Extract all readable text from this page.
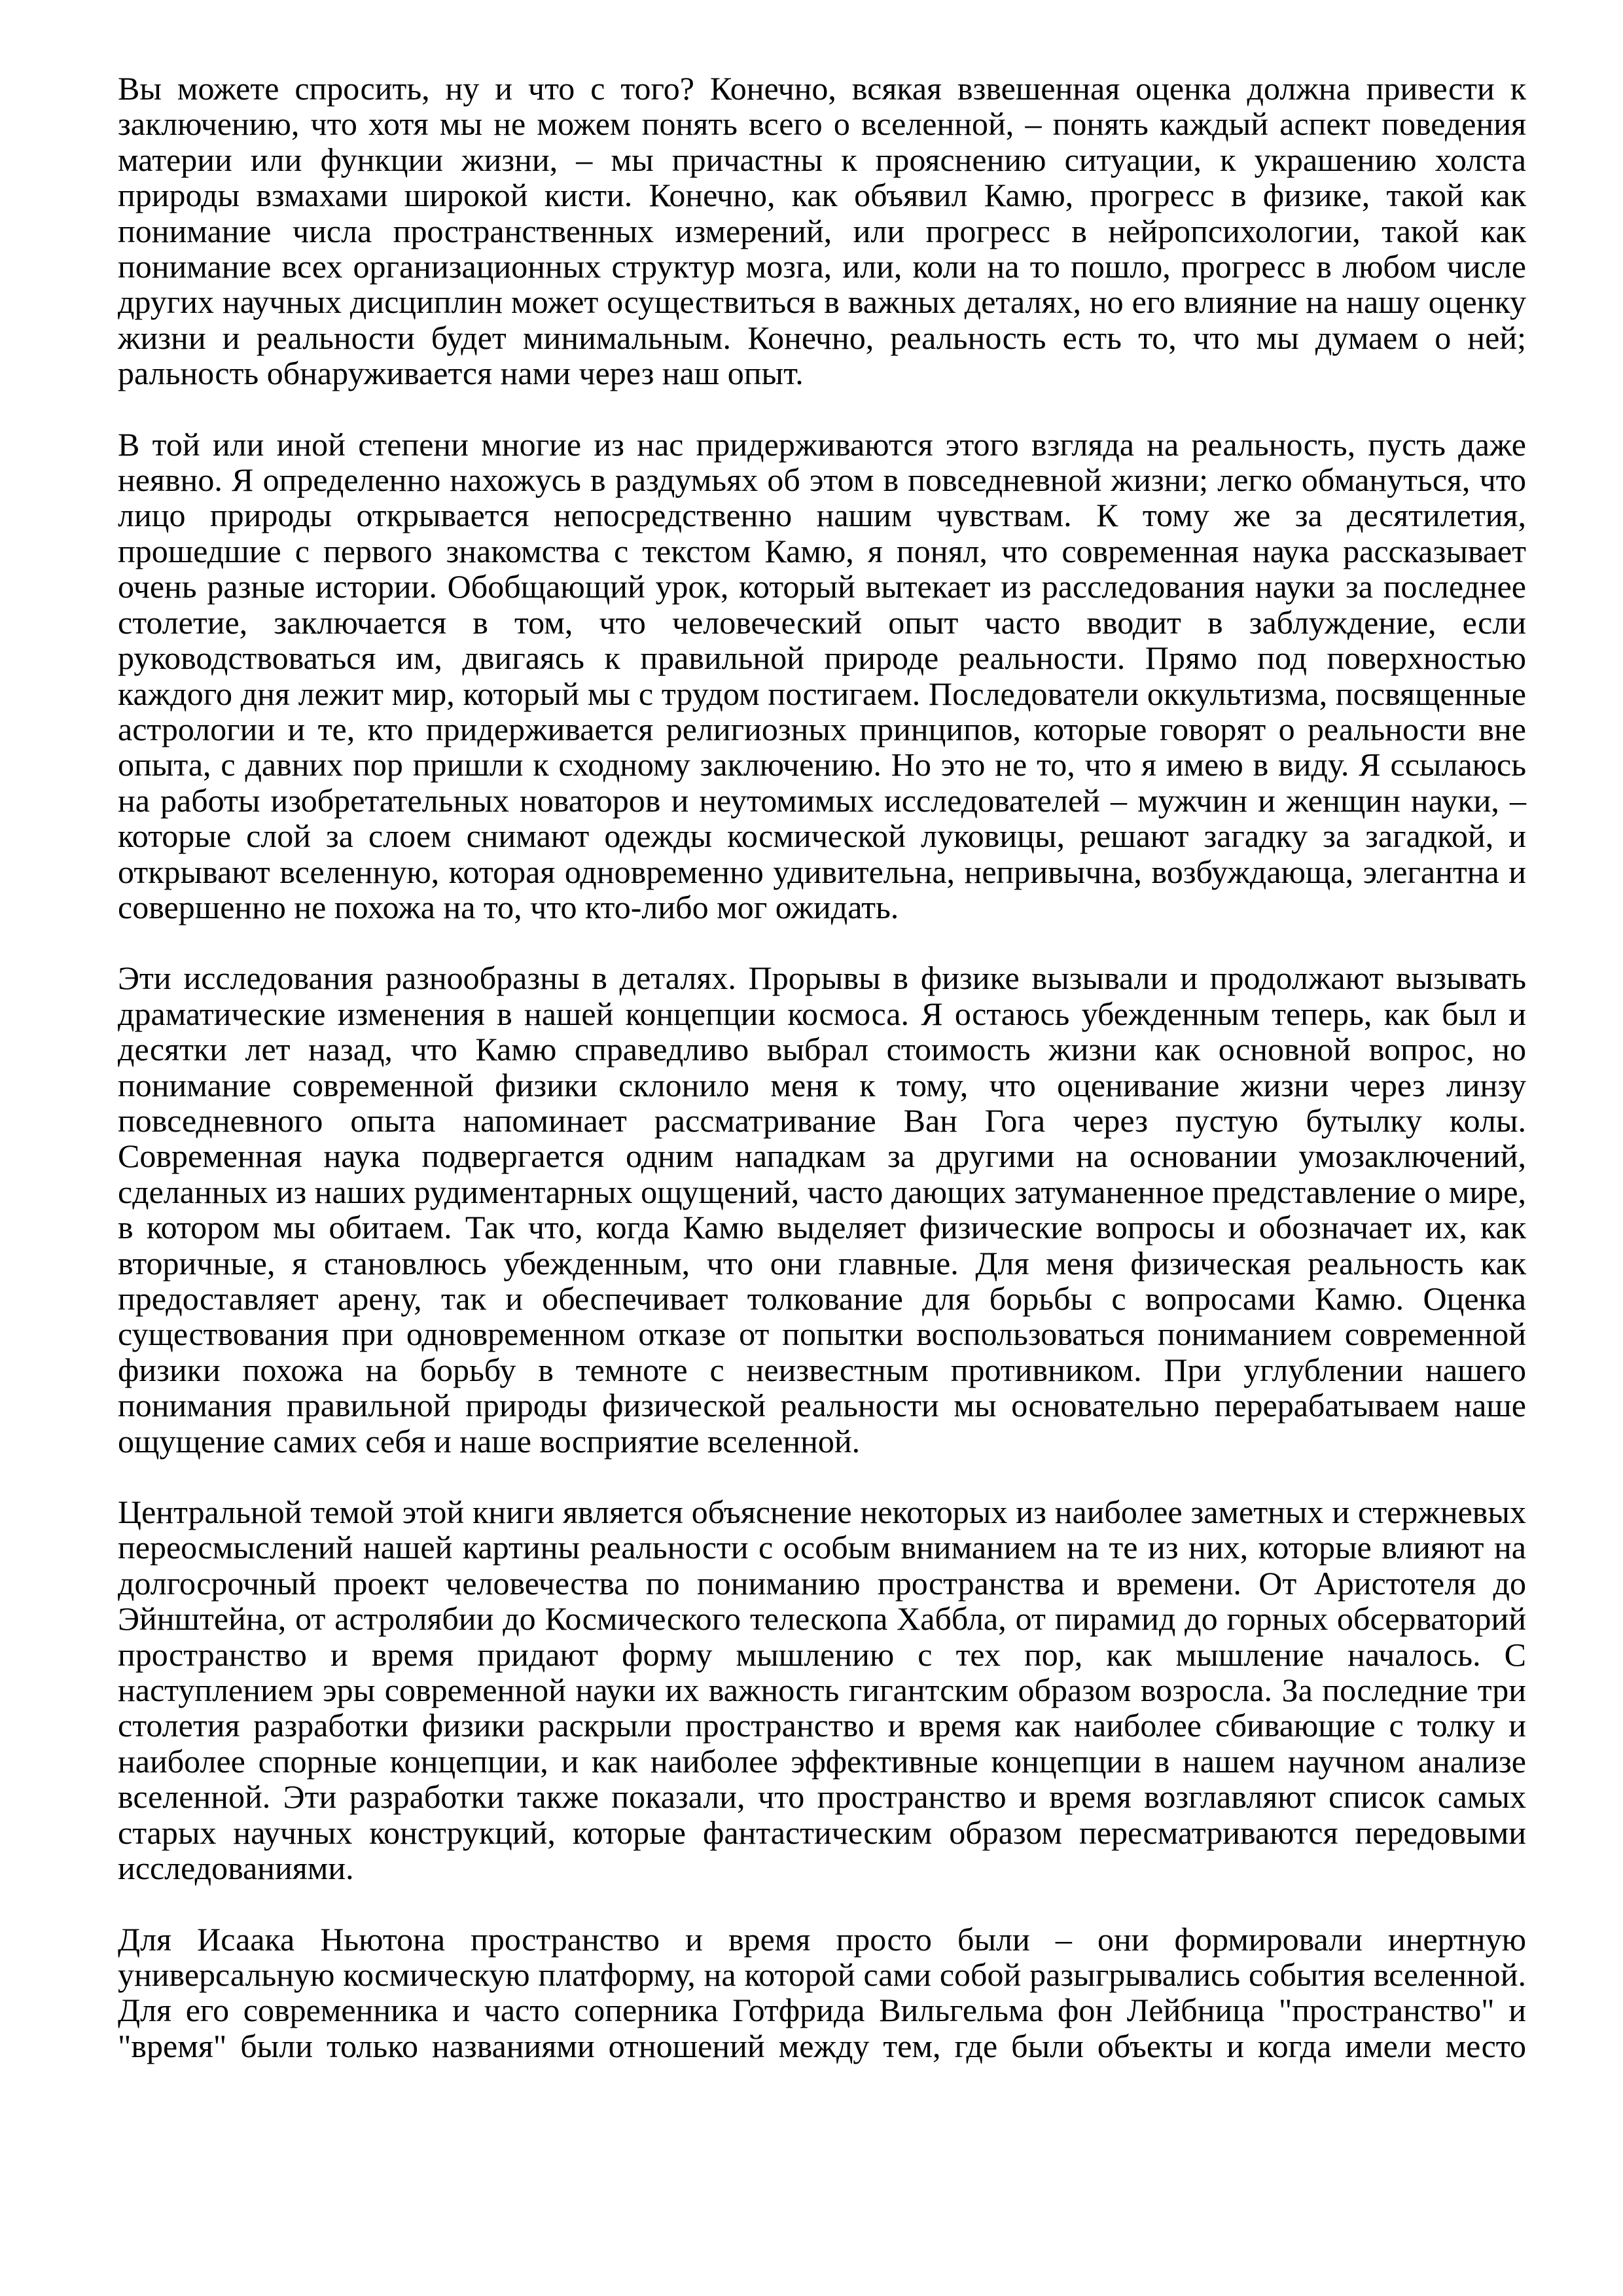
Вы можете спросить, ну и что с того? Конечно, всякая взвешенная оценка должна привести к заключению, что хотя мы не можем понять всего о вселенной, – понять каждый аспект поведения материи или функции жизни, – мы причастны к прояснению ситуации, к украшению холста природы взмахами широкой кисти. Конечно, как объявил Камю, прогресс в физике, такой как понимание числа пространственных измерений, или прогресс в нейропсихологии, такой как понимание всех организационных структур мозга, или, коли на то пошло, прогресс в любом числе других научных дисциплин может осуществиться в важных деталях, но его влияние на нашу оценку жизни и реальности будет минимальным. Конечно, реальность есть то, что мы думаем о ней; ральность обнаруживается нами через наш опыт.

В той или иной степени многие из нас придерживаются этого взгляда на реальность, пусть даже неявно. Я определенно нахожусь в раздумьях об этом в повседневной жизни; легко обмануться, что лицо природы открывается непосредственно нашим чувствам. К тому же за десятилетия, прошедшие с первого знакомства с текстом Камю, я понял, что современная наука рассказывает очень разные истории. Обобщающий урок, который вытекает из расследования науки за последнее столетие, заключается в том, что человеческий опыт часто вводит в заблуждение, если руководствоваться им, двигаясь к правильной природе реальности. Прямо под поверхностью каждого дня лежит мир, который мы с трудом постигаем. Последователи оккультизма, посвященные астрологии и те, кто придерживается религиозных принципов, которые говорят о реальности вне опыта, с давних пор пришли к сходному заключению. Но это не то, что я имею в виду. Я ссылаюсь на работы изобретательных новаторов и неутомимых исследователей – мужчин и женщин науки, – которые слой за слоем снимают одежды космической луковицы, решают загадку за загадкой, и открывают вселенную, которая одновременно удивительна, непривычна, возбуждающа, элегантна и совершенно не похожа на то, что кто-либо мог ожидать.

Эти исследования разнообразны в деталях. Прорывы в физике вызывали и продолжают вызывать драматические изменения в нашей концепции космоса. Я остаюсь убежденным теперь, как был и десятки лет назад, что Камю справедливо выбрал стоимость жизни как основной вопрос, но понимание современной физики склонило меня к тому, что оценивание жизни через линзу повседневного опыта напоминает рассматривание Ван Гога через пустую бутылку колы. Современная наука подвергается одним нападкам за другими на основании умозаключений, сделанных из наших рудиментарных ощущений, часто дающих затуманенное представление о мире, в котором мы обитаем. Так что, когда Камю выделяет физические вопросы и обозначает их, как вторичные, я становлюсь убежденным, что они главные. Для меня физическая реальность как предоставляет арену, так и обеспечивает толкование для борьбы с вопросами Камю. Оценка существования при одновременном отказе от попытки воспользоваться пониманием современной физики похожа на борьбу в темноте с неизвестным противником. При углублении нашего понимания правильной природы физической реальности мы основательно перерабатываем наше ощущение самих себя и наше восприятие вселенной.

Центральной темой этой книги является объяснение некоторых из наиболее заметных и стержневых переосмыслений нашей картины реальности с особым вниманием на те из них, которые влияют на долгосрочный проект человечества по пониманию пространства и времени. От Аристотеля до Эйнштейна, от астролябии до Космического телескопа Хаббла, от пирамид до горных обсерваторий пространство и время придают форму мышлению с тех пор, как мышление началось. С наступлением эры современной науки их важность гигантским образом возросла. За последние три столетия разработки физики раскрыли пространство и время как наиболее сбивающие с толку и наиболее спорные концепции, и как наиболее эффективные концепции в нашем научном анализе вселенной. Эти разработки также показали, что пространство и время возглавляют список самых старых научных конструкций, которые фантастическим образом пересматриваются передовыми исследованиями.

Для Исаака Ньютона пространство и время просто были – они формировали инертную универсальную космическую платформу, на которой сами собой разыгрывались события вселенной. Для его современника и часто соперника Готфрида Вильгельма фон Лейбница "пространство" и "время" были только названиями отношений между тем, где были объекты и когда имели место
